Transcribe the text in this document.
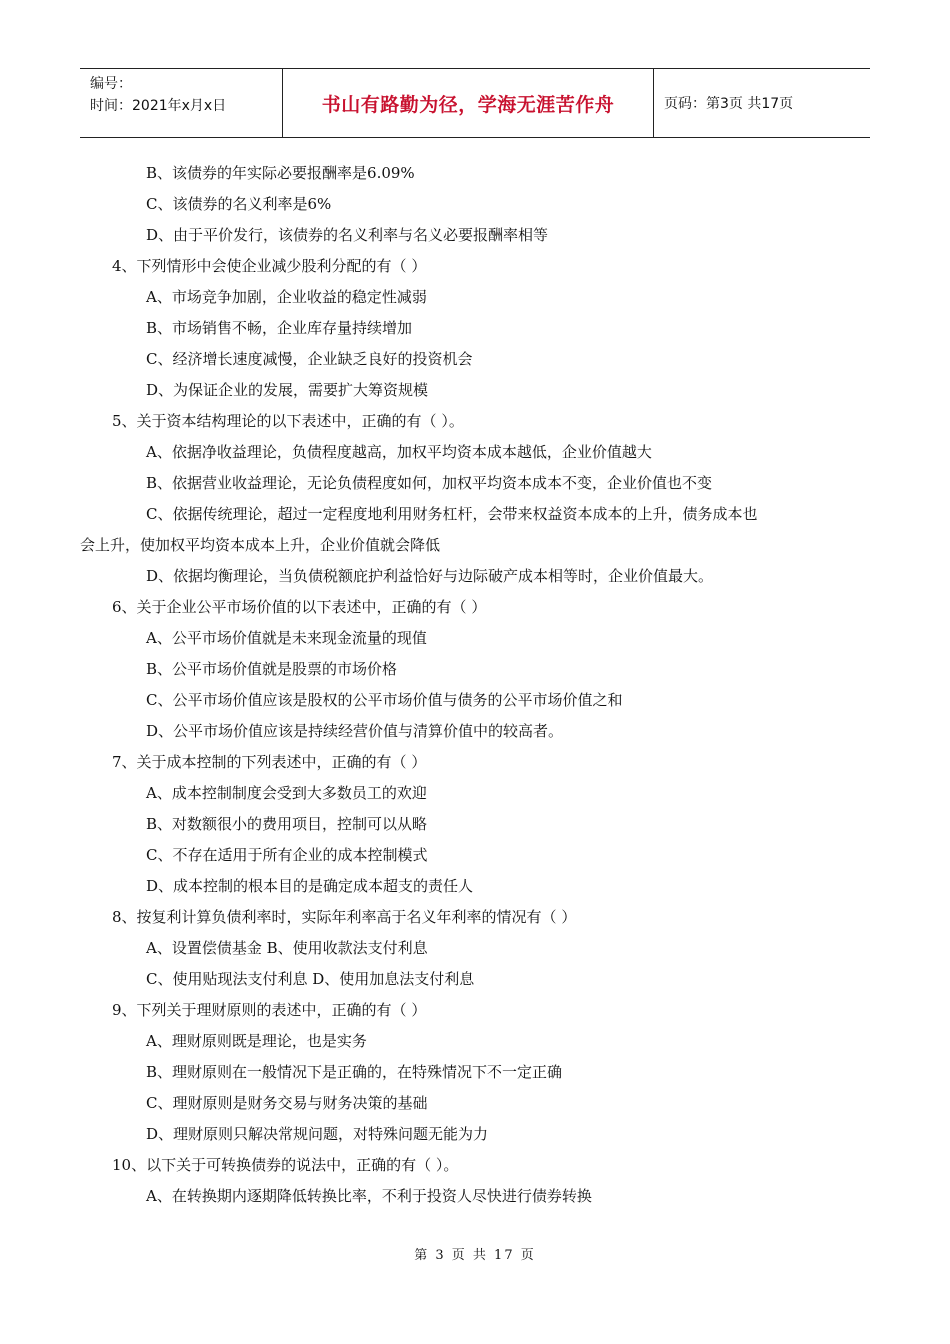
编号：
时间：2021年x月x日	书山有路勤为径，学海无涯苦作舟	页码：第3页 共17页
B、该债券的年实际必要报酬率是6.09%
C、该债券的名义利率是6%
D、由于平价发行，该债券的名义利率与名义必要报酬率相等
4、下列情形中会使企业减少股利分配的有（ ）
A、市场竞争加剧，企业收益的稳定性减弱
B、市场销售不畅，企业库存量持续增加
C、经济增长速度减慢，企业缺乏良好的投资机会
D、为保证企业的发展，需要扩大筹资规模
5、关于资本结构理论的以下表述中，正确的有（ ）。
A、依据净收益理论，负债程度越高，加权平均资本成本越低，企业价值越大
B、依据营业收益理论，无论负债程度如何，加权平均资本成本不变，企业价值也不变
C、依据传统理论，超过一定程度地利用财务杠杆，会带来权益资本成本的上升，债务成本也
会上升，使加权平均资本成本上升，企业价值就会降低
D、依据均衡理论，当负债税额庇护利益恰好与边际破产成本相等时，企业价值最大。
6、关于企业公平市场价值的以下表述中，正确的有（ ）
A、公平市场价值就是未来现金流量的现值
B、公平市场价值就是股票的市场价格
C、公平市场价值应该是股权的公平市场价值与债务的公平市场价值之和
D、公平市场价值应该是持续经营价值与清算价值中的较高者。
7、关于成本控制的下列表述中，正确的有（ ）
A、成本控制制度会受到大多数员工的欢迎
B、对数额很小的费用项目，控制可以从略
C、不存在适用于所有企业的成本控制模式
D、成本控制的根本目的是确定成本超支的责任人
8、按复利计算负债利率时，实际年利率高于名义年利率的情况有（ ）
A、设置偿债基金 B、使用收款法支付利息
C、使用贴现法支付利息 D、使用加息法支付利息
9、下列关于理财原则的表述中，正确的有（ ）
A、理财原则既是理论，也是实务
B、理财原则在一般情况下是正确的，在特殊情况下不一定正确
C、理财原则是财务交易与财务决策的基础
D、理财原则只解决常规问题，对特殊问题无能为力
10、以下关于可转换债券的说法中，正确的有（ ）。
A、在转换期内逐期降低转换比率，不利于投资人尽快进行债券转换
第 3 页 共 17 页
